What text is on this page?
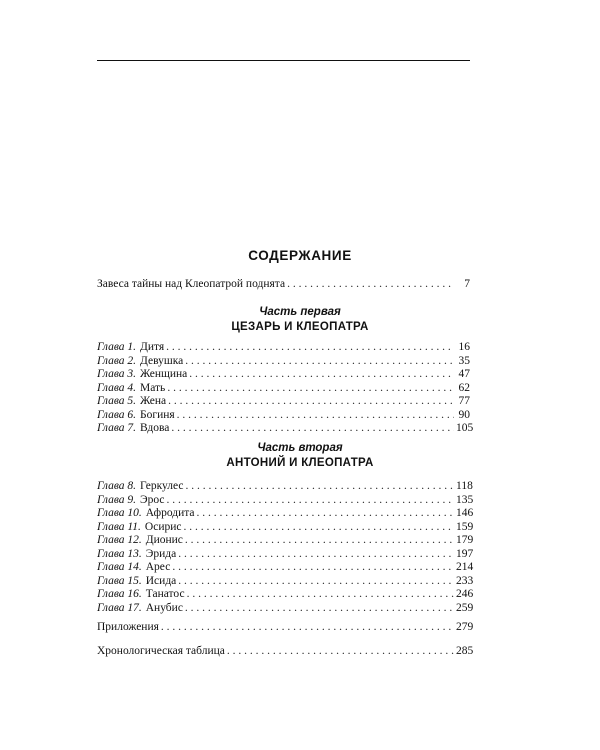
СОДЕРЖАНИЕ
Завеса тайны над Клеопатрой поднята . . .	7
Часть первая
ЦЕЗАРЬ И КЛЕОПАТРА
Глава 1. Дитя . . .	16
Глава 2. Девушка . . .	35
Глава 3. Женщина . . .	47
Глава 4. Мать . . .	62
Глава 5. Жена . . .	77
Глава 6. Богиня . . .	90
Глава 7. Вдова . . .	105
Часть вторая
АНТОНИЙ И КЛЕОПАТРА
Глава 8. Геркулес . . .	118
Глава 9. Эрос . . .	135
Глава 10. Афродита . . .	146
Глава 11. Осирис . . .	159
Глава 12. Дионис . . .	179
Глава 13. Эрида . . .	197
Глава 14. Арес . . .	214
Глава 15. Исида . . .	233
Глава 16. Танатос . . .	246
Глава 17. Анубис . . .	259
Приложения . . .	279
Хронологическая таблица . . .	285
